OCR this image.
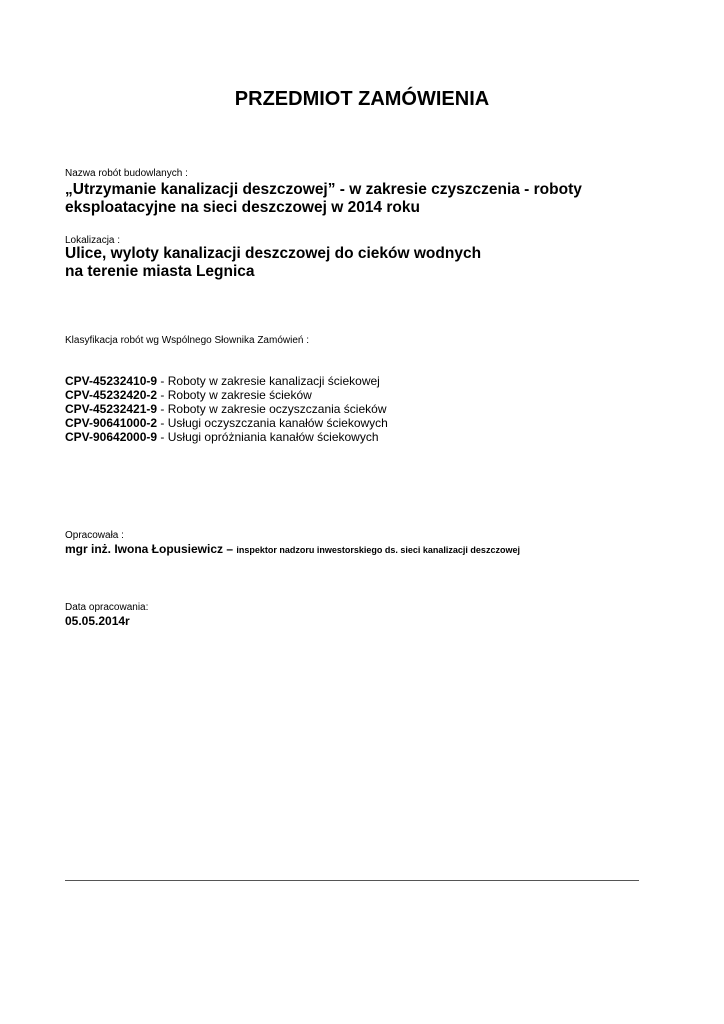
PRZEDMIOT ZAMÓWIENIA
Nazwa robót budowlanych :
„Utrzymanie kanalizacji deszczowej” - w zakresie czyszczenia - roboty
eksploatacyjne na sieci deszczowej w 2014 roku
Lokalizacja :
Ulice, wyloty kanalizacji deszczowej do cieków wodnych
na terenie miasta Legnica
Klasyfikacja robót wg Wspólnego Słownika Zamówień :
CPV-45232410-9 - Roboty w zakresie kanalizacji ściekowej
CPV-45232420-2 - Roboty w zakresie ścieków
CPV-45232421-9 - Roboty w zakresie oczyszczania ścieków
CPV-90641000-2 - Usługi oczyszczania kanałów ściekowych
CPV-90642000-9 - Usługi opróżniania kanałów ściekowych
Opracowała :
mgr inż. Iwona Łopusiewicz – inspektor nadzoru inwestorskiego ds. sieci kanalizacji deszczowej
Data opracowania:
05.05.2014r
